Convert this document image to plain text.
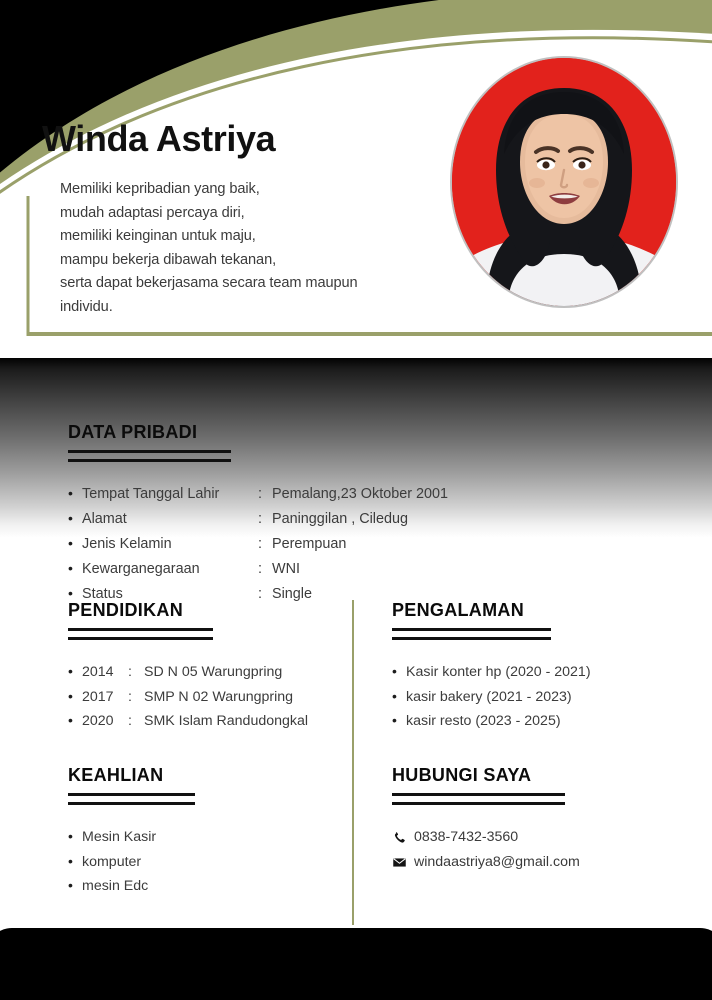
Winda Astriya
Memiliki kepribadian yang baik,
mudah adaptasi percaya diri,
memiliki keinginan untuk maju,
mampu bekerja dibawah tekanan,
serta dapat bekerjasama secara team maupun
individu.
DATA PRIBADI
•
Tempat Tanggal Lahir	: Pemalang,23 Oktober 2001
•
Alamat	: Paninggilan , Ciledug
•
Jenis Kelamin	: Perempuan
•
Kewarganegaraan	: WNI
•
Status	: Single
PENDIDIKAN
•
2014	: SD N 05 Warungpring
•
2017	: SMP N 02 Warungpring
•
2020	: SMK Islam Randudongkal
PENGALAMAN
•
Kasir konter hp (2020 - 2021)
•
kasir bakery (2021 - 2023)
•
kasir resto (2023 - 2025)
KEAHLIAN
•
Mesin Kasir
•
komputer
•
mesin Edc
HUBUNGI SAYA
0838-7432-3560
windaastriya8@gmail.com
